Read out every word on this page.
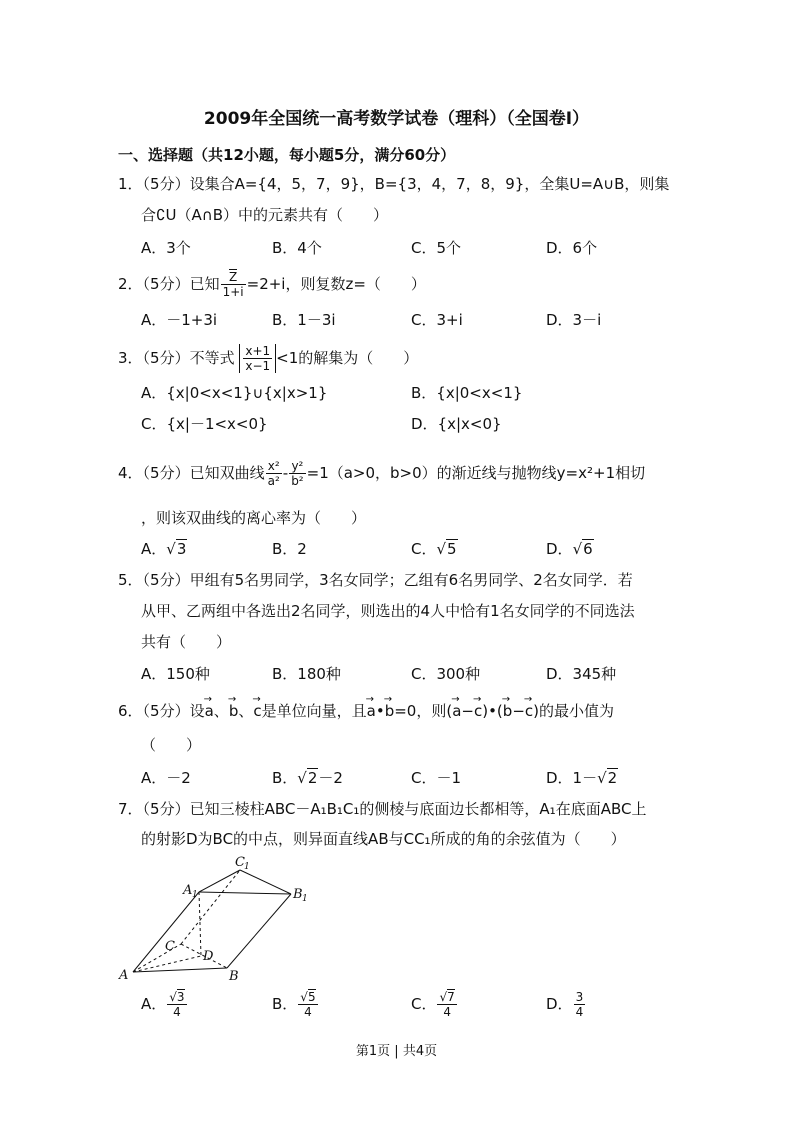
2009年全国统一高考数学试卷（理科）（全国卷Ⅰ）
一、选择题（共12小题，每小题5分，满分60分）
1．（5分）设集合A={4，5，7，9}，B={3，4，7，8，9}，全集U=A∪B，则集
合∁U（A∩B）中的元素共有（　　）
A．3个	B．4个	C．5个	D．6个
2．（5分）已知 $\frac{Z}{1+i} =2+i$，则复数z=（　　）
A．－1+3i	B．1－3i	C．3+i	D．3－i
3．（5分）不等式 $\frac{x+1}{x-1} <1$的解集为（　　）
A．{x|0<x<1}∪{x|x>1}	B．{x|0<x<1}
C．{x|－1<x<0}	D．{x|x<0}
4．（5分）已知双曲线 $\frac{\text{x²}}{\text{a²}} - \frac{\text{y²}}{\text{b²}} =1(a>0$，b>0）的渐近线与抛物线y=x²+1相切
，则该双曲线的离心率为（　　）
A．√3	B．2	C．√5	D．√6
5．（5分）甲组有5名男同学，3名女同学；乙组有6名男同学、2名女同学．若
从甲、乙两组中各选出2名同学，则选出的4人中恰有1名女同学的不同选法
共有（　　）
A．150种	B．180种	C．300种	D．345种
6．（5分）设→ a、→ b、→ c是单位向量，且→ a•→ b=0，则(→ a−→ c)•(→ b−→ c)的最小值为
（　　）
A．－2	B．√2－2	C．－1	D．1－√2
7．（5分）已知三棱柱ABC－A₁B₁C₁的侧棱与底面边长都相等，A₁在底面ABC上
的射影D为BC的中点，则异面直线AB与CC₁所成的角的余弦值为（　　）
A	B
C
D
A 1	B 1
C 1
A． $\frac{√3}{4}$	B． $\frac{√5}{4}$	C． $\frac{√7}{4}$	D． $\frac{3}{4}$
第1页 | 共4页
